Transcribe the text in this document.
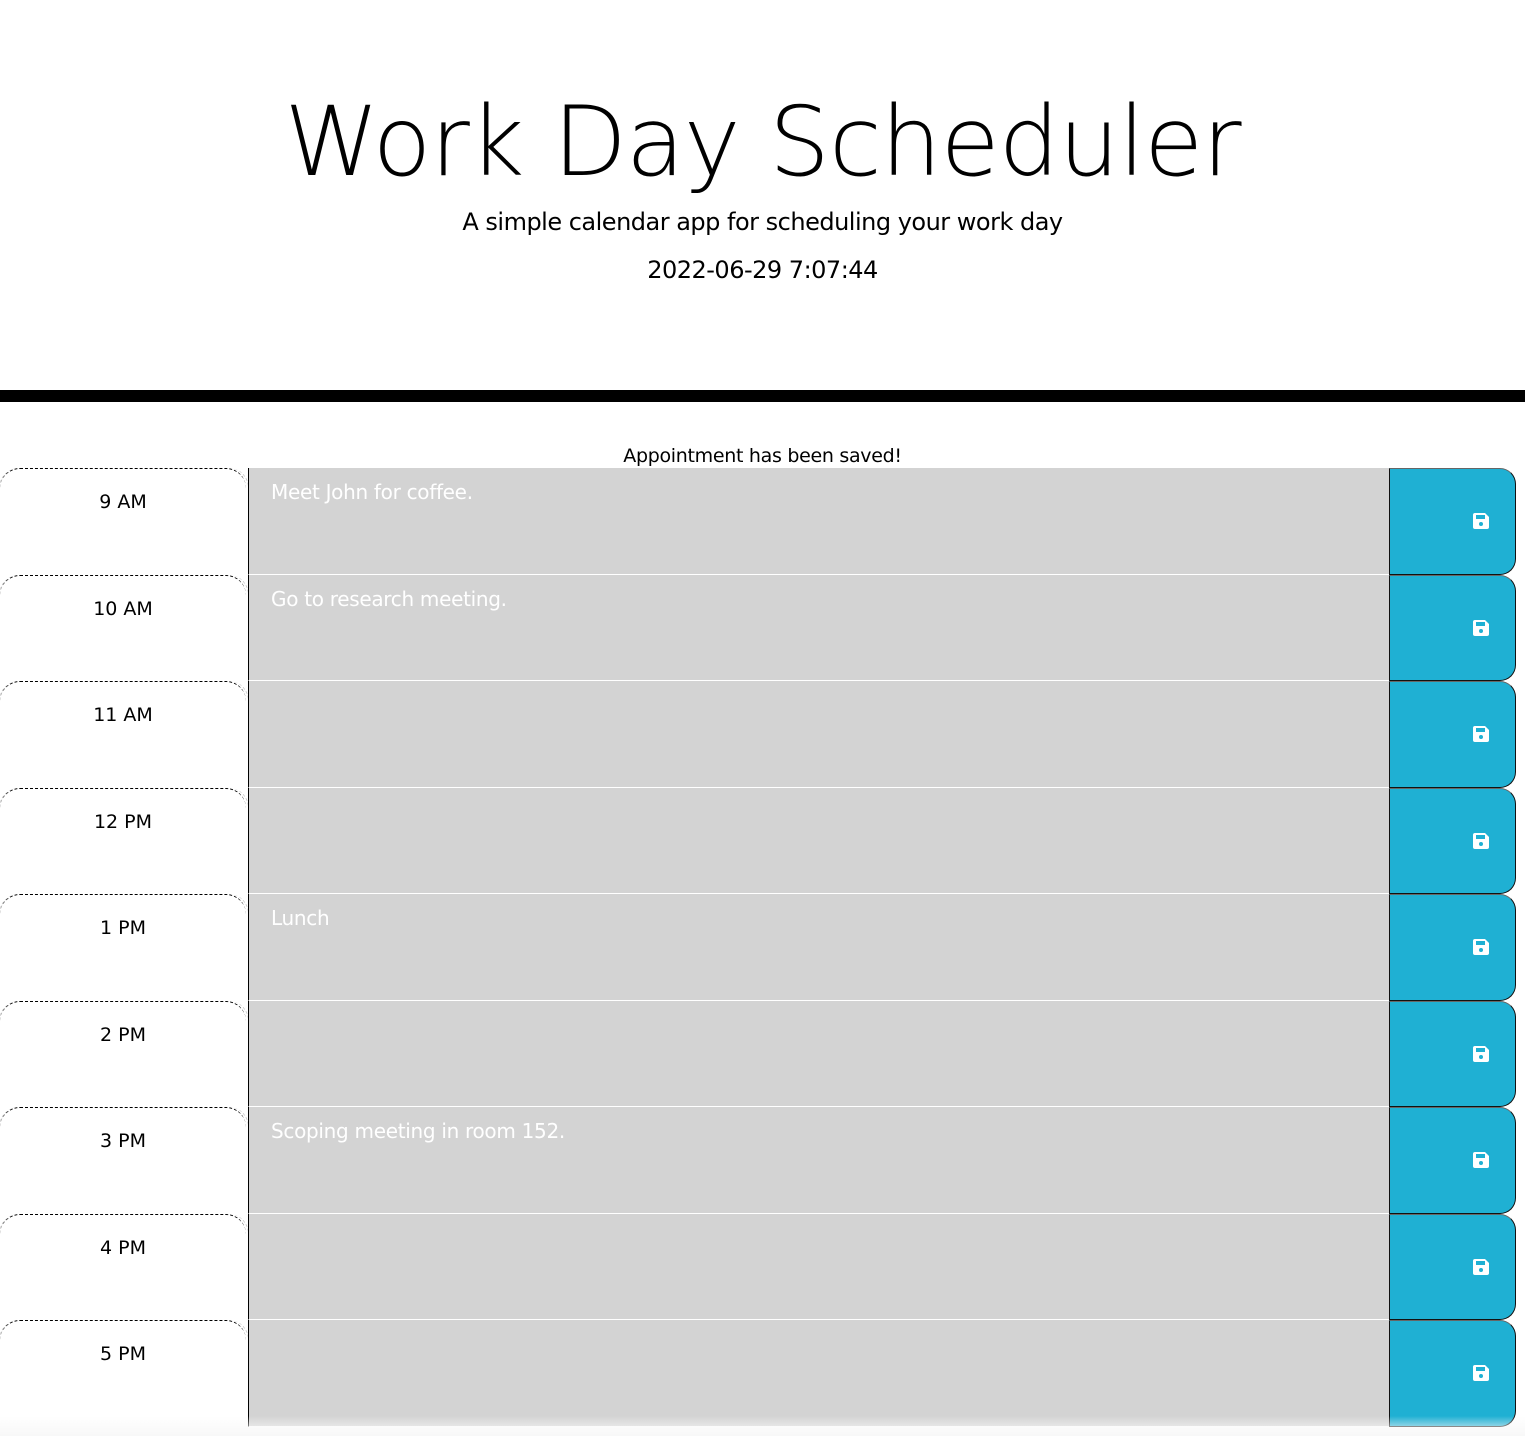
Work Day Scheduler

A simple calendar app for scheduling your work day

2022-06-29 7:07:44

Appointment has been saved!
9 AM
Meet John for coffee.
10 AM
Go to research meeting.
11 AM
12 PM
1 PM
Lunch
2 PM
3 PM
Scoping meeting in room 152.
4 PM
5 PM
